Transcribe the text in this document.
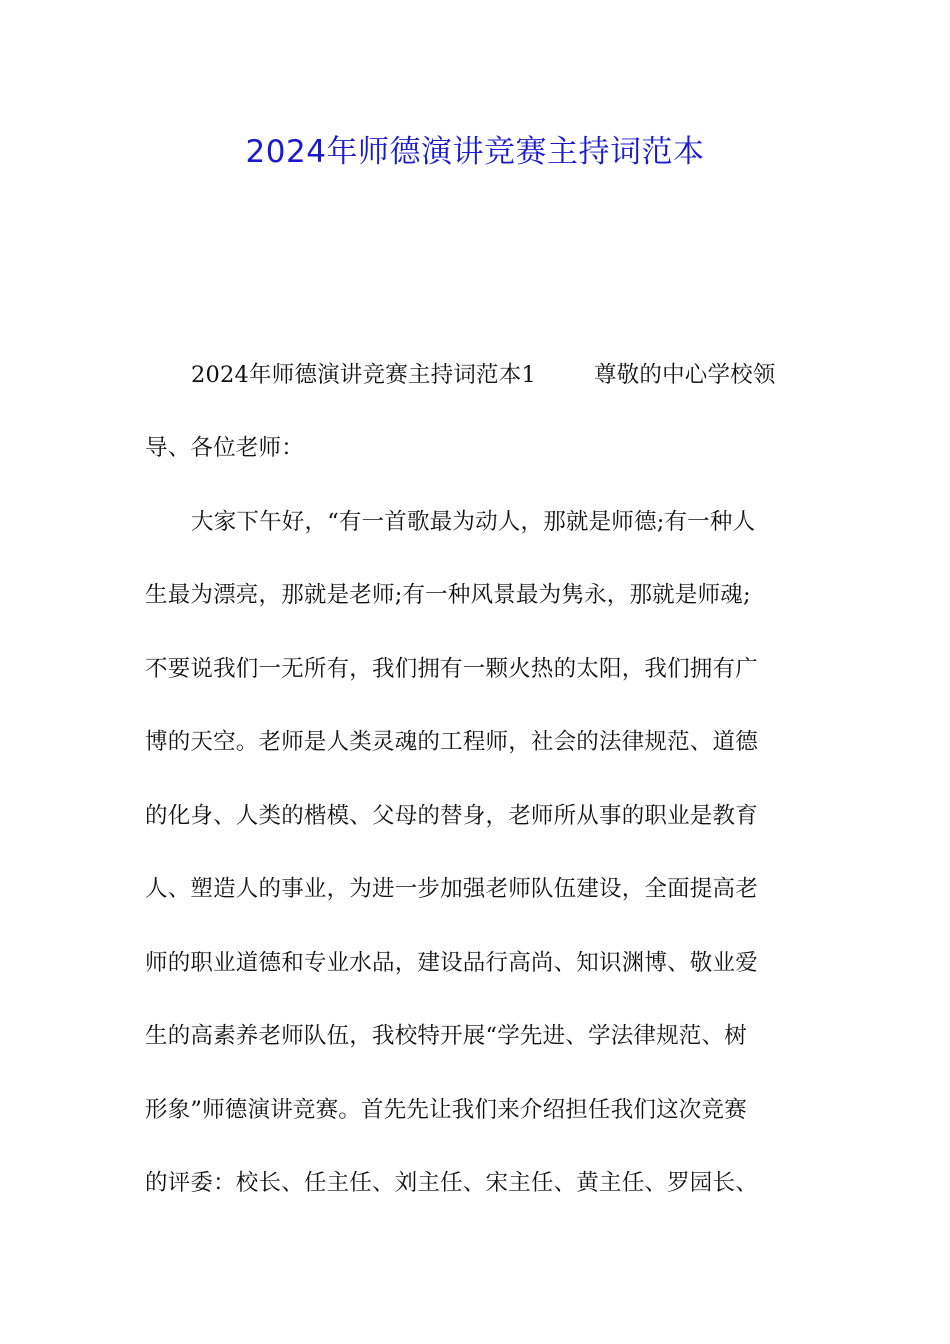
2024年师德演讲竞赛主持词范本
2024年师德演讲竞赛主持词范本1	尊敬的中心学校领
导、各位老师：
大家下午好，“有一首歌最为动人，那就是师德;有一种人
生最为漂亮，那就是老师;有一种风景最为隽永，那就是师魂;
不要说我们一无所有，我们拥有一颗火热的太阳，我们拥有广
博的天空。老师是人类灵魂的工程师，社会的法律规范、道德
的化身、人类的楷模、父母的替身，老师所从事的职业是教育
人、塑造人的事业，为进一步加强老师队伍建设，全面提高老
师的职业道德和专业水品，建设品行高尚、知识渊博、敬业爱
生的高素养老师队伍，我校特开展“学先进、学法律规范、树
形象”师德演讲竞赛。首先先让我们来介绍担任我们这次竞赛
的评委：校长、任主任、刘主任、宋主任、黄主任、罗园长、
